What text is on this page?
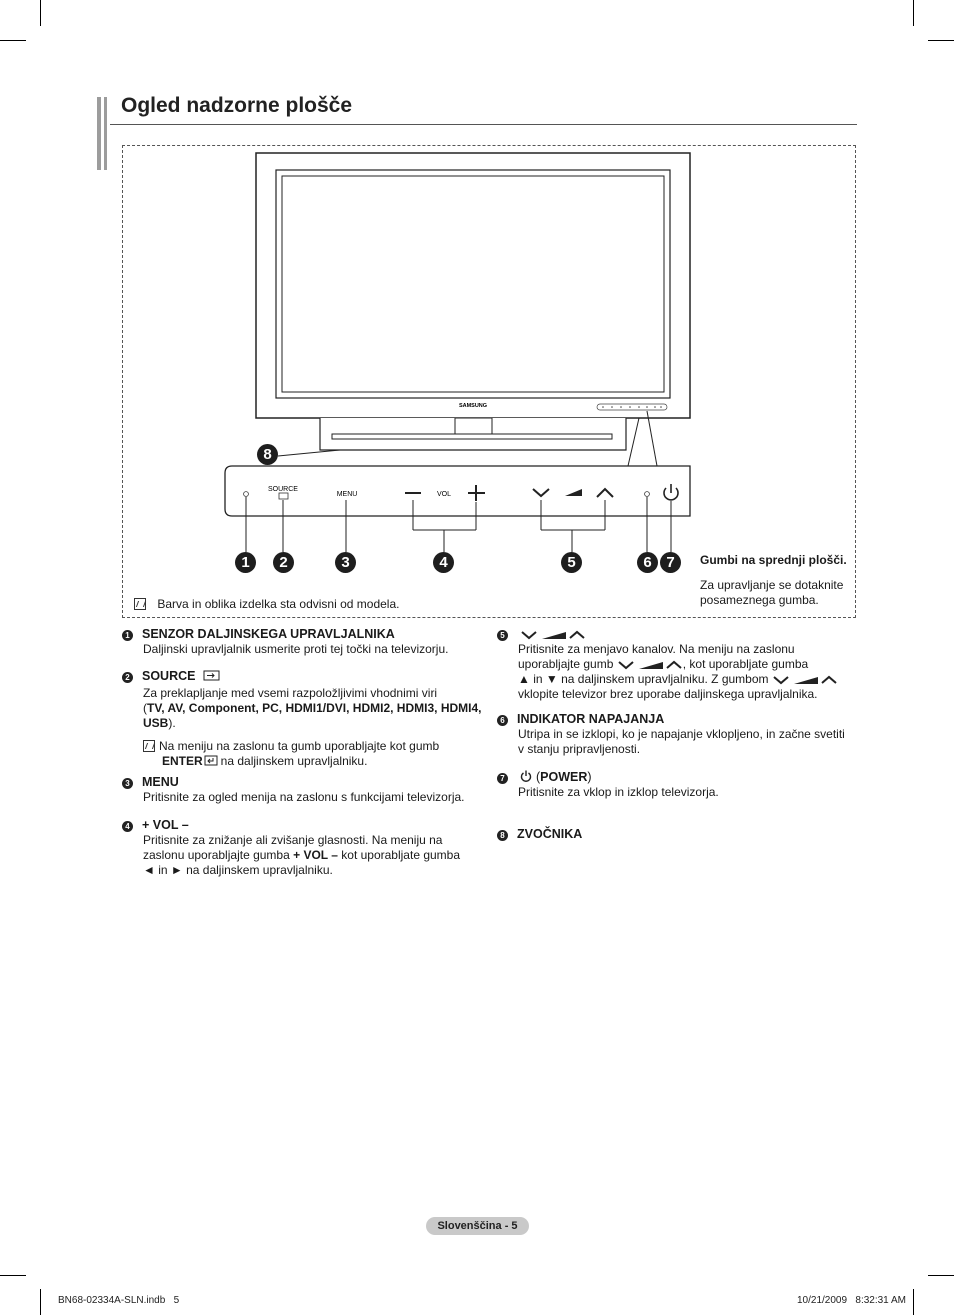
Ogled nadzorne plošče
SAMSUNG
SOURCE
MENU	VOL
8
1	2	3	4	5	6 7	Gumbi na sprednji plošči.
Za upravljanje se dotaknite posameznega gumba.
Barva in oblika izdelka sta odvisni od modela.
1 SENZOR DALJINSKEGA UPRAVLJALNIKA
Daljinski upravljalnik usmerite proti tej točki na televizorju.
2 SOURCE
Za preklapljanje med vsemi razpoložljivimi vhodnimi viri
(TV, AV, Component, PC, HDMI1/DVI, HDMI2, HDMI3, HDMI4, USB).
Na meniju na zaslonu ta gumb uporabljajte kot gumb
ENTER na daljinskem upravljalniku.
3 MENU
Pritisnite za ogled menija na zaslonu s funkcijami televizorja.
4 + VOL –
Pritisnite za znižanje ali zvišanje glasnosti. Na meniju na zaslonu uporabljajte gumba + VOL – kot uporabljate gumba
◄ in ► na daljinskem upravljalniku.
5
Pritisnite za menjavo kanalov. Na meniju na zaslonu uporabljajte gumb	, kot uporabljate gumba
▲ in ▼ na daljinskem upravljalniku. Z gumbom
vklopite televizor brez uporabe daljinskega upravljalnika.
6 INDIKATOR NAPAJANJA
Utripa in se izklopi, ko je napajanje vklopljeno, in začne svetiti v stanju pripravljenosti.
7	(POWER)
Pritisnite za vklop in izklop televizorja.
8 ZVOČNIKA
Slovenščina - 5
BN68-02334A-SLN.indb   5	10/21/2009   8:32:31 AM
